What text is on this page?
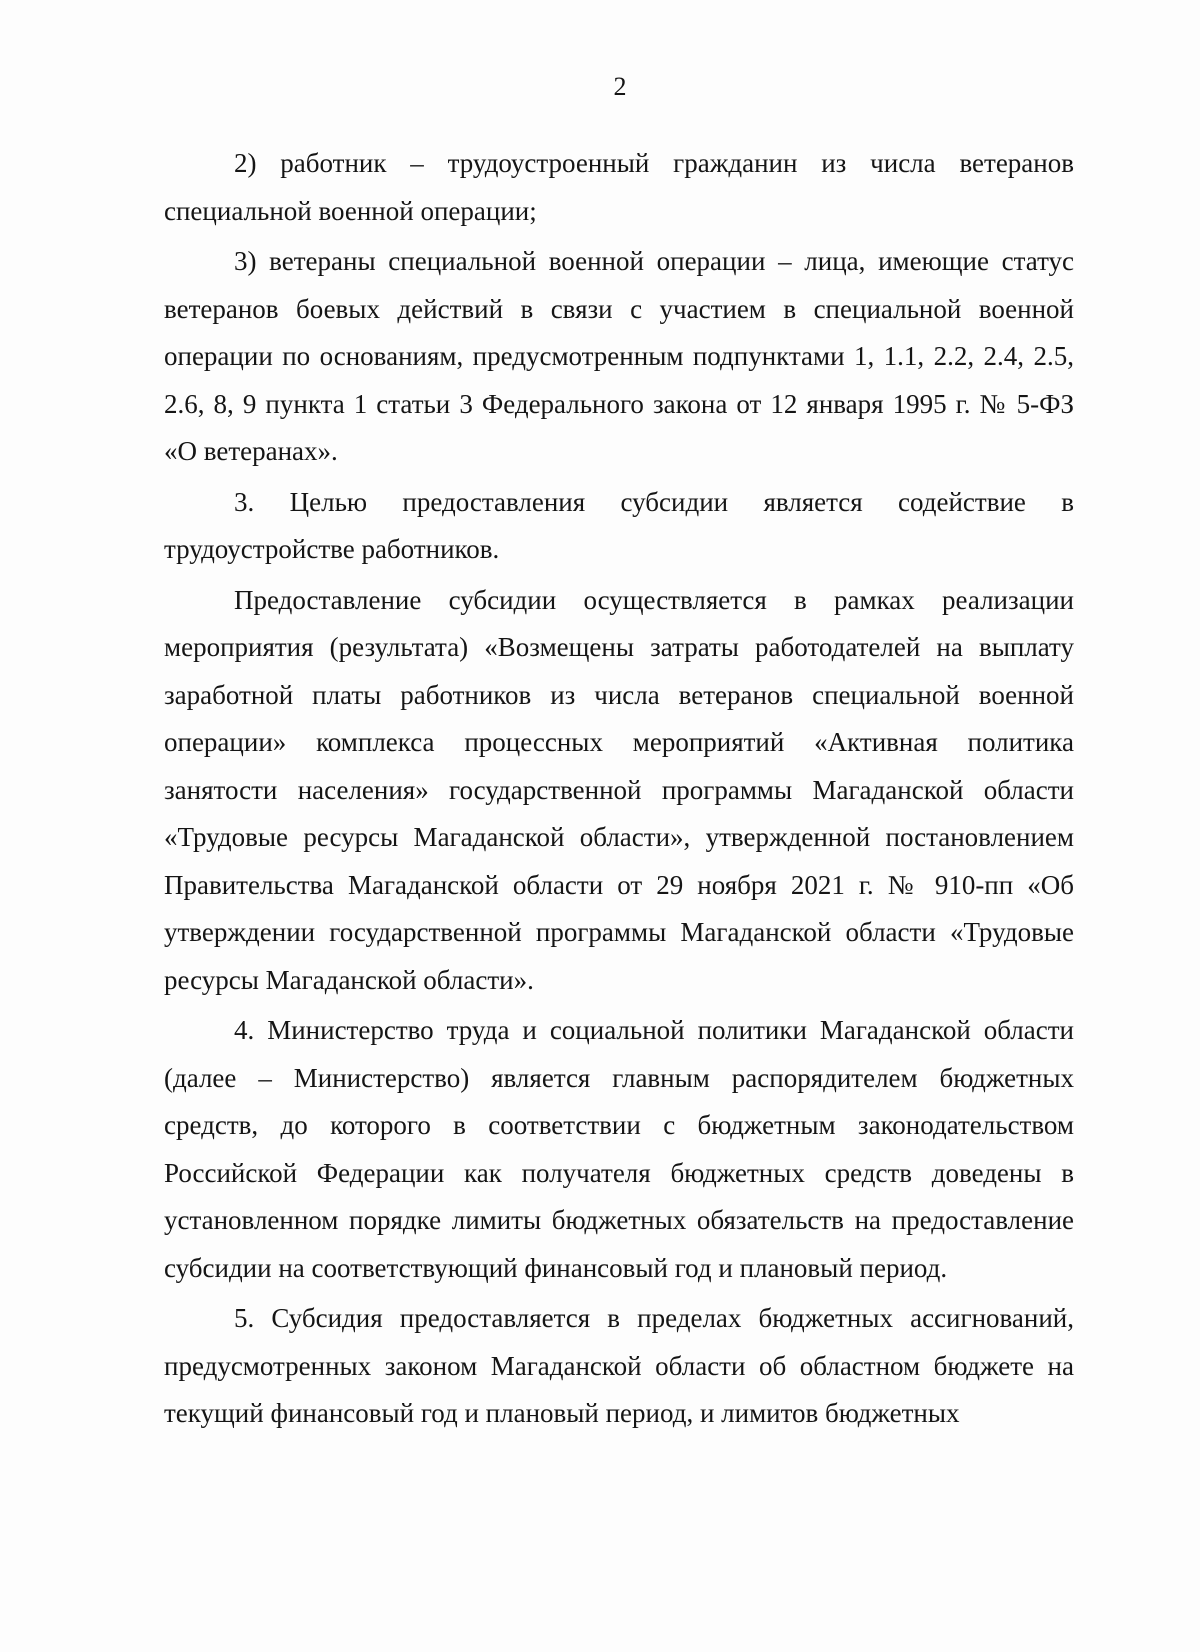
2

2) работник – трудоустроенный гражданин из числа ветеранов специальной военной операции;

3) ветераны специальной военной операции – лица, имеющие статус ветеранов боевых действий в связи с участием в специальной военной операции по основаниям, предусмотренным подпунктами 1, 1.1, 2.2, 2.4, 2.5, 2.6, 8, 9 пункта 1 статьи 3 Федерального закона от 12 января 1995 г. № 5-ФЗ «О ветеранах».

3. Целью предоставления субсидии является содействие в трудоустройстве работников.

Предоставление субсидии осуществляется в рамках реализации мероприятия (результата) «Возмещены затраты работодателей на выплату заработной платы работников из числа ветеранов специальной военной операции» комплекса процессных мероприятий «Активная политика занятости населения» государственной программы Магаданской области «Трудовые ресурсы Магаданской области», утвержденной постановлением Правительства Магаданской области от 29 ноября 2021 г. № 910-пп «Об утверждении государственной программы Магаданской области «Трудовые ресурсы Магаданской области».

4. Министерство труда и социальной политики Магаданской области (далее – Министерство) является главным распорядителем бюджетных средств, до которого в соответствии с бюджетным законодательством Российской Федерации как получателя бюджетных средств доведены в установленном порядке лимиты бюджетных обязательств на предоставление субсидии на соответствующий финансовый год и плановый период.

5. Субсидия предоставляется в пределах бюджетных ассигнований, предусмотренных законом Магаданской области об областном бюджете на текущий финансовый год и плановый период, и лимитов бюджетных
